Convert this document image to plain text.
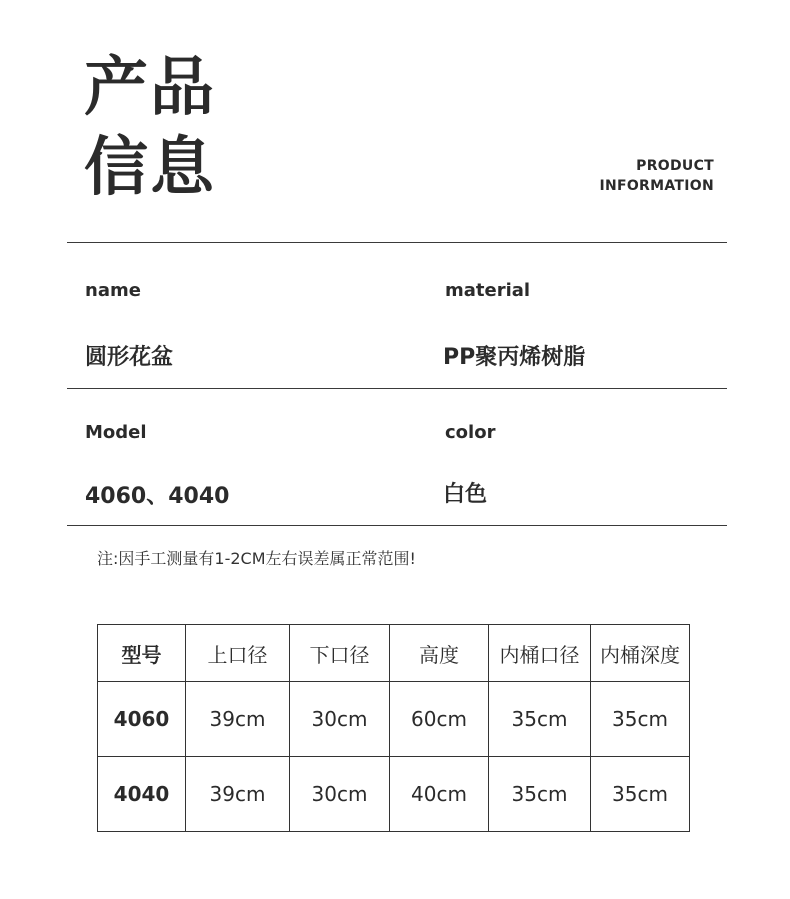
产品
信息	PRODUCT
INFORMATION
name	material
圆形花盆	PP聚丙烯树脂
Model	color
4060、4040	白色
注:因手工测量有1-2CM左右误差属正常范围!
型号	上口径	下口径	高度	内桶口径	内桶深度
4060	39cm	30cm	60cm	35cm	35cm
4040	39cm	30cm	40cm	35cm	35cm
